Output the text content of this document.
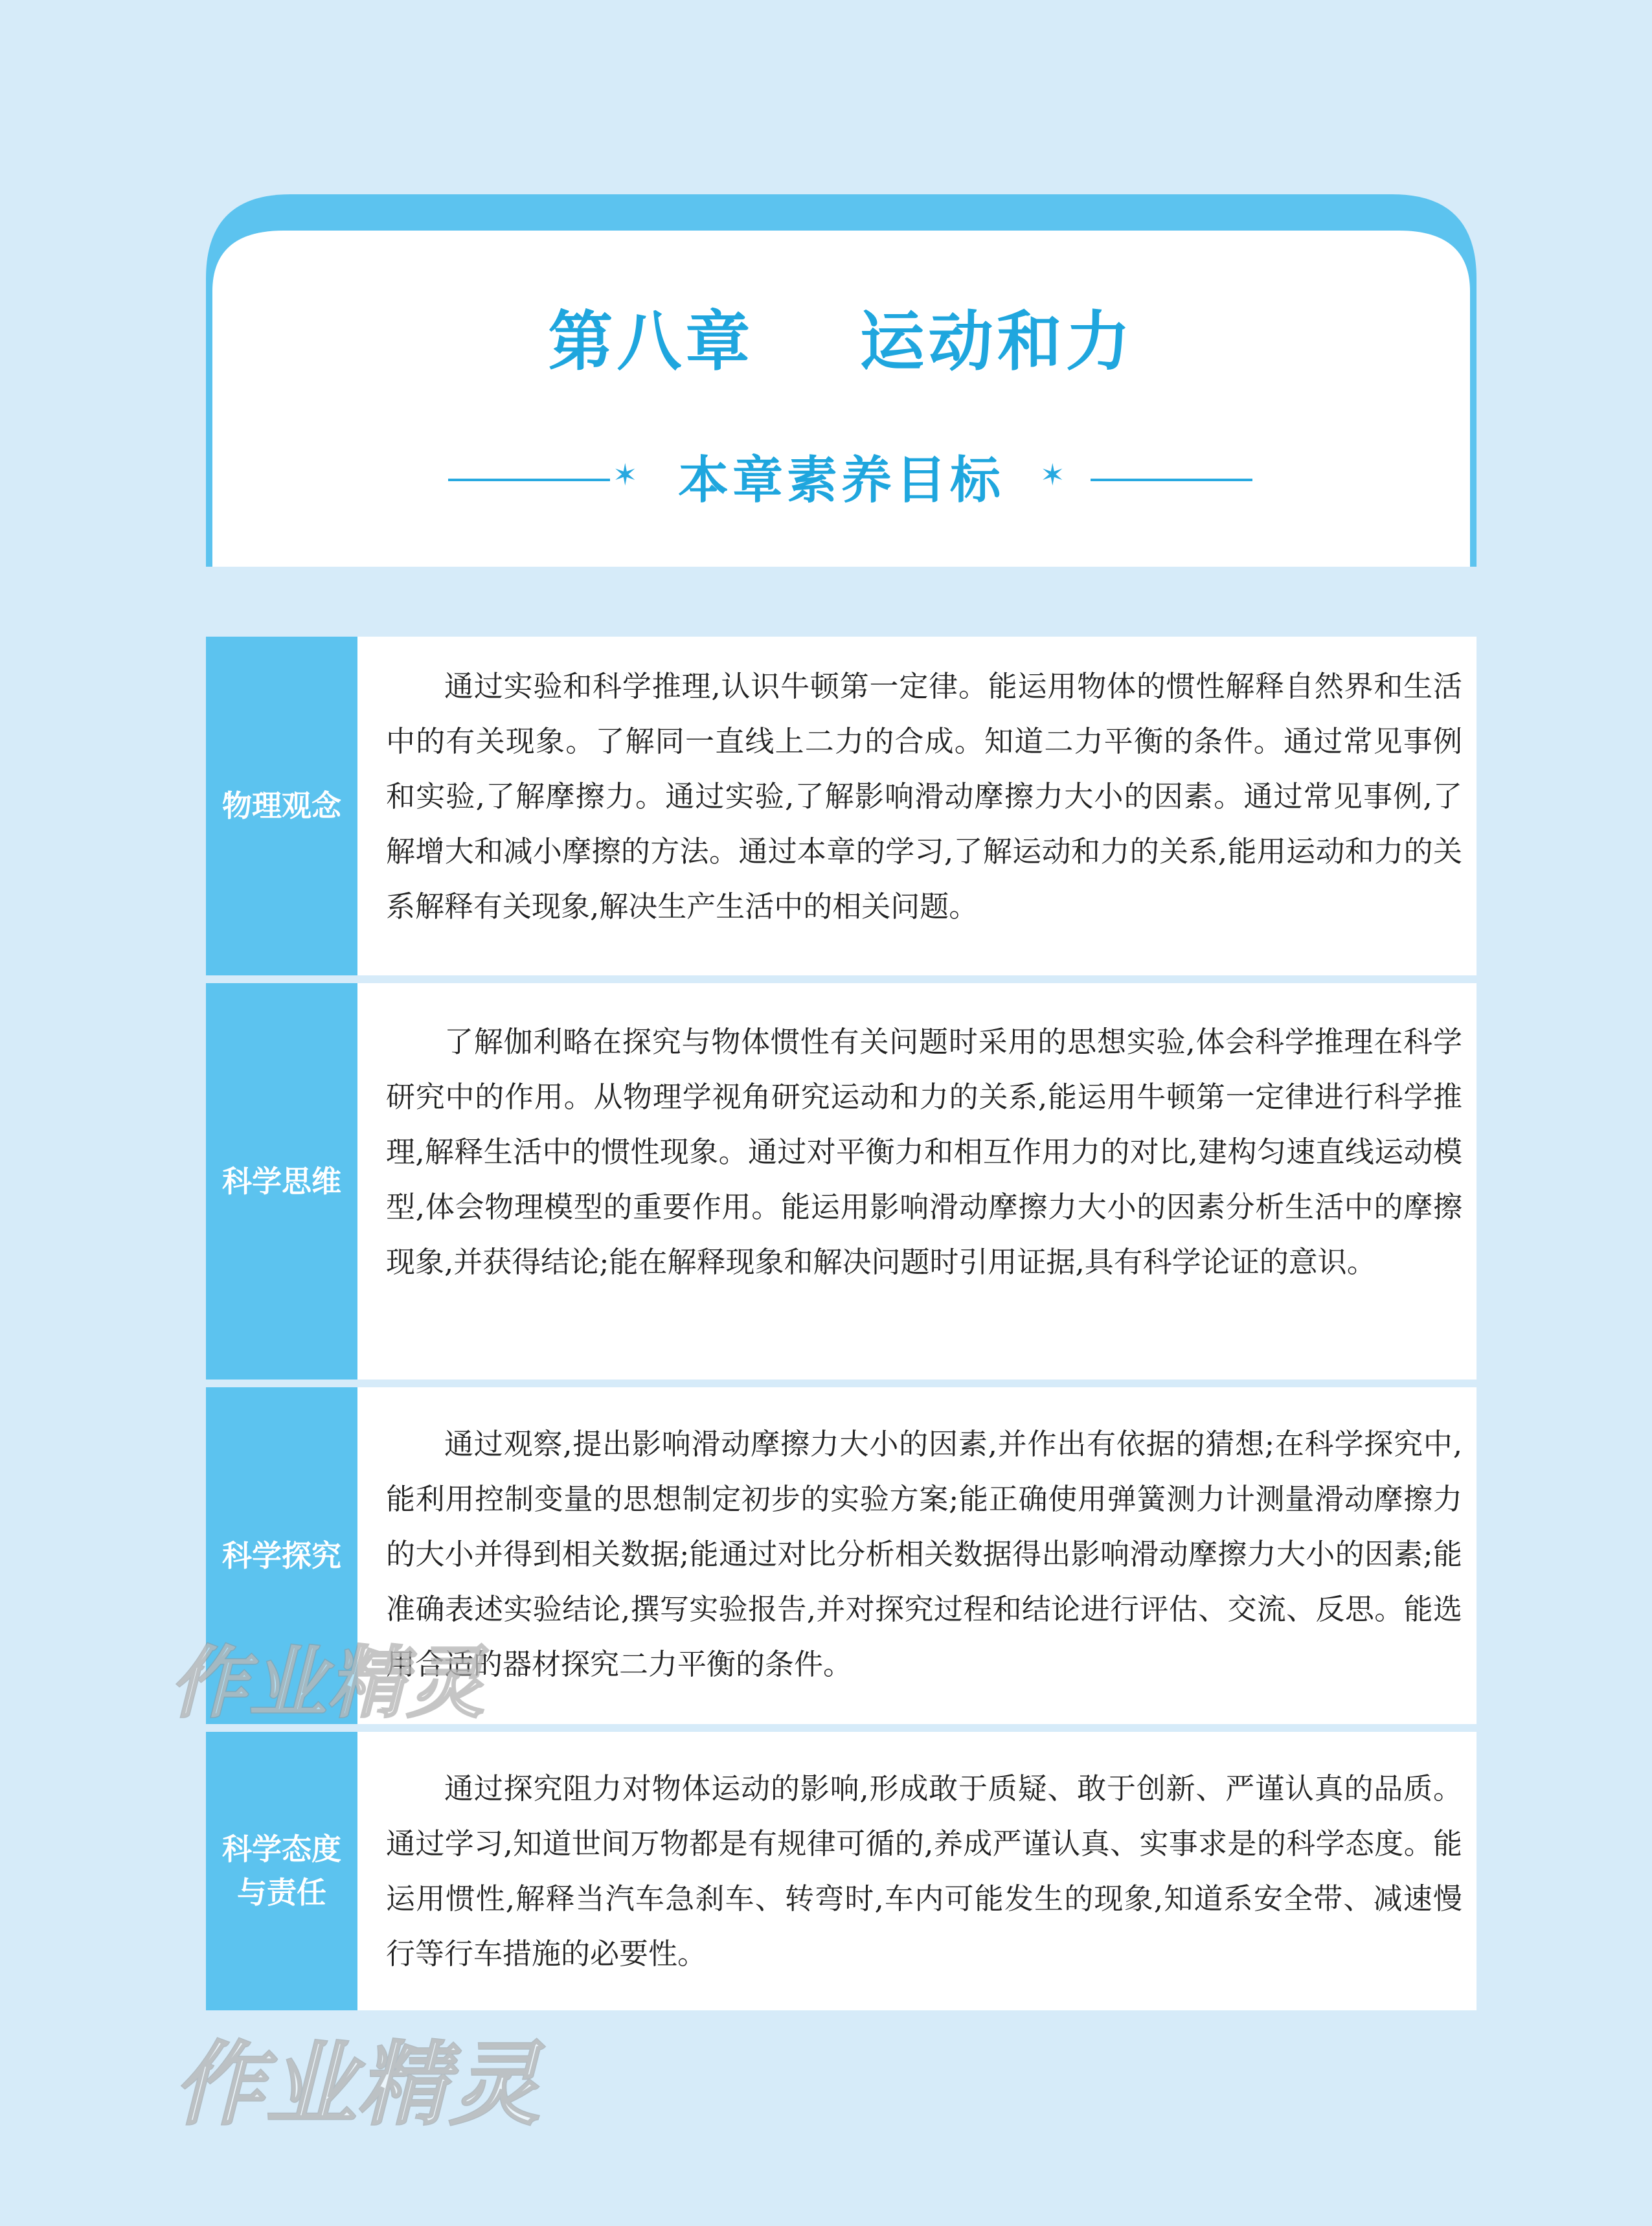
第八章    运动和力
✶ 本章素养目标	✶
物理观念

通过实验和科学推理,认识牛顿第一定律。能运用物体的惯性解释自然界和生活中的有关现象。了解同一直线上二力的合成。知道二力平衡的条件。通过常见事例和实验,了解摩擦力。通过实验,了解影响滑动摩擦力大小的因素。通过常见事例,了解增大和减小摩擦的方法。通过本章的学习,了解运动和力的关系,能用运动和力的关系解释有关现象,解决生产生活中的相关问题。

科学思维

了解伽利略在探究与物体惯性有关问题时采用的思想实验,体会科学推理在科学研究中的作用。从物理学视角研究运动和力的关系,能运用牛顿第一定律进行科学推理,解释生活中的惯性现象。通过对平衡力和相互作用力的对比,建构匀速直线运动模型,体会物理模型的重要作用。能运用影响滑动摩擦力大小的因素分析生活中的摩擦现象,并获得结论;能在解释现象和解决问题时引用证据,具有科学论证的意识。

科学探究

通过观察,提出影响滑动摩擦力大小的因素,并作出有依据的猜想;在科学探究中,能利用控制变量的思想制定初步的实验方案;能正确使用弹簧测力计测量滑动摩擦力的大小并得到相关数据;能通过对比分析相关数据得出影响滑动摩擦力大小的因素;能准确表述实验结论,撰写实验报告,并对探究过程和结论进行评估、交流、反思。能选用合适的器材探究二力平衡的条件。

科学态度
与责任

通过探究阻力对物体运动的影响,形成敢于质疑、敢于创新、严谨认真的品质。通过学习,知道世间万物都是有规律可循的,养成严谨认真、实事求是的科学态度。能运用惯性,解释当汽车急刹车、转弯时,车内可能发生的现象,知道系安全带、减速慢行等行车措施的必要性。

作业精灵
作业精灵
